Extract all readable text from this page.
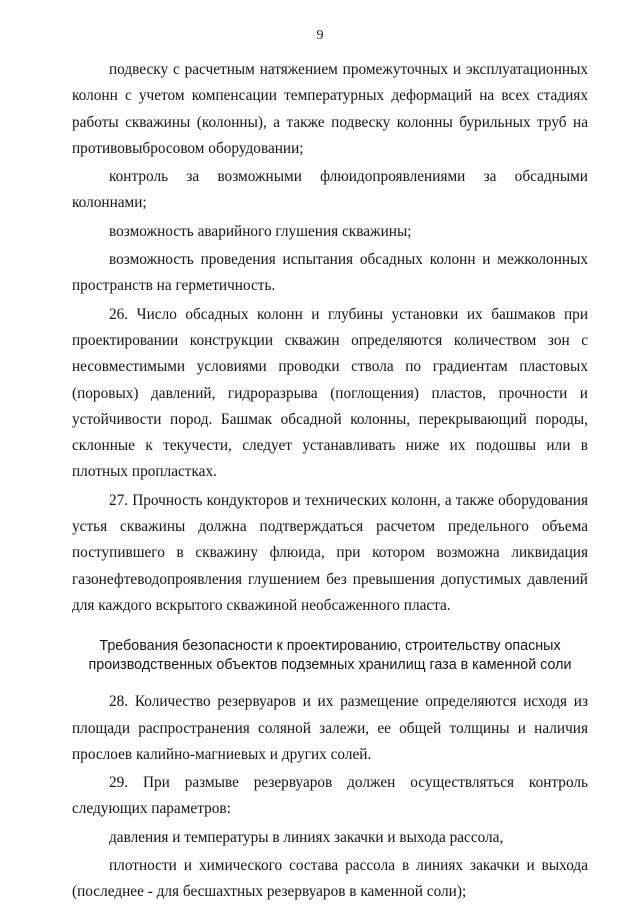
9

подвеску с расчетным натяжением промежуточных и эксплуатационных колонн с учетом компенсации температурных деформаций на всех стадиях работы скважины (колонны), а также подвеску колонны бурильных труб на противовыбросовом оборудовании;

контроль за возможными флюидопроявлениями за обсадными колоннами;

возможность аварийного глушения скважины;

возможность проведения испытания обсадных колонн и межколонных пространств на герметичность.

26. Число обсадных колонн и глубины установки их башмаков при проектировании конструкции скважин определяются количеством зон с несовместимыми условиями проводки ствола по градиентам пластовых (поровых) давлений, гидроразрыва (поглощения) пластов, прочности и устойчивости пород. Башмак обсадной колонны, перекрывающий породы, склонные к текучести, следует устанавливать ниже их подошвы или в плотных пропластках.

27. Прочность кондукторов и технических колонн, а также оборудования устья скважины должна подтверждаться расчетом предельного объема поступившего в скважину флюида, при котором возможна ликвидация газонефтеводопроявления глушением без превышения допустимых давлений для каждого вскрытого скважиной необсаженного пласта.

Требования безопасности к проектированию, строительству опасных производственных объектов подземных хранилищ газа в каменной соли

28. Количество резервуаров и их размещение определяются исходя из площади распространения соляной залежи, ее общей толщины и наличия прослоев калийно-магниевых и других солей.

29. При размыве резервуаров должен осуществляться контроль следующих параметров:

давления и температуры в линиях закачки и выхода рассола,

плотности и химического состава рассола в линиях закачки и выхода (последнее - для бесшахтных резервуаров в каменной соли);
